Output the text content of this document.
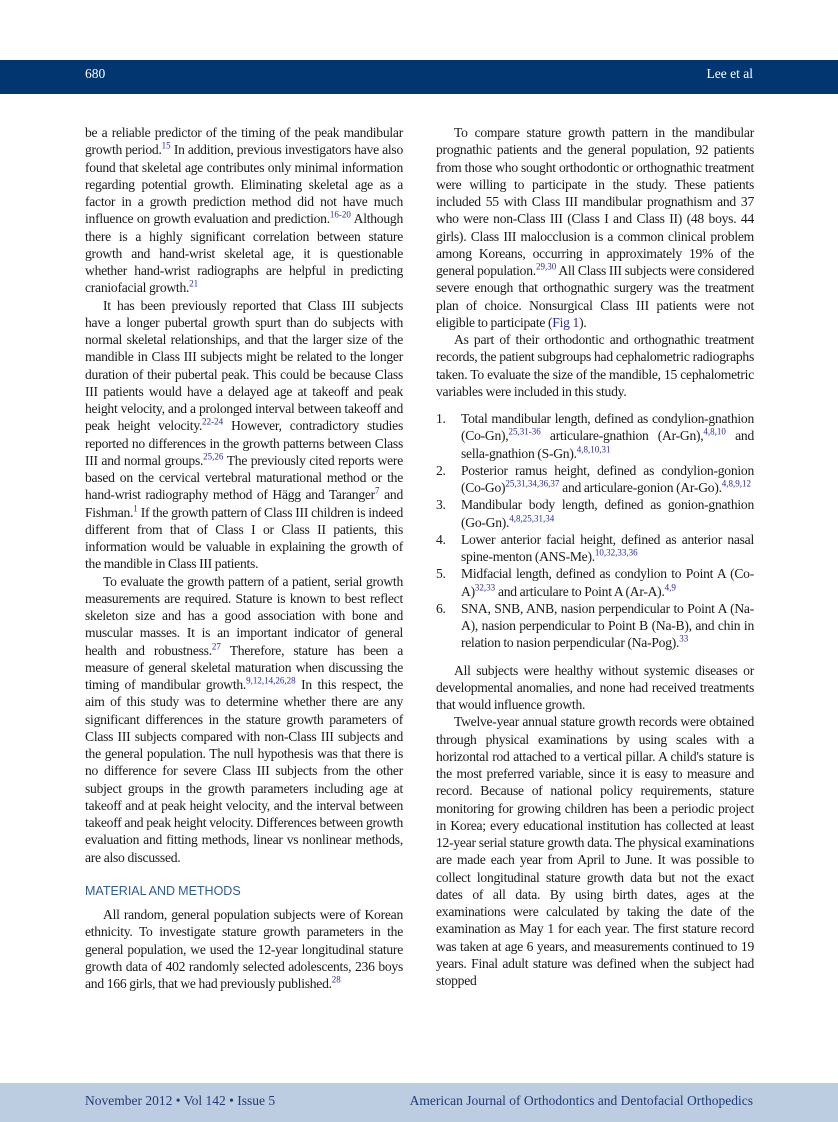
680	Lee et al

be a reliable predictor of the timing of the peak mandibular growth period.$^{15}$ In addition, previous investigators have also found that skeletal age contributes only minimal information regarding potential growth. Eliminating skeletal age as a factor in a growth prediction method did not have much influence on growth evaluation and prediction.$^{16-20}$ Although there is a highly significant correlation between stature growth and hand-wrist skeletal age, it is questionable whether hand-wrist radiographs are helpful in predicting craniofacial growth.$^{21}$

It has been previously reported that Class III subjects have a longer pubertal growth spurt than do subjects with normal skeletal relationships, and that the larger size of the mandible in Class III subjects might be related to the longer duration of their pubertal peak. This could be because Class III patients would have a delayed age at takeoff and peak height velocity, and a prolonged interval between takeoff and peak height velocity.$^{22-24}$ However, contradictory studies reported no differences in the growth patterns between Class III and normal groups.$^{25,26}$ The previously cited reports were based on the cervical vertebral maturational method or the hand-wrist radiography method of Hägg and Taranger$^7$ and Fishman.$^1$ If the growth pattern of Class III children is indeed different from that of Class I or Class II patients, this information would be valuable in explaining the growth of the mandible in Class III patients.

To evaluate the growth pattern of a patient, serial growth measurements are required. Stature is known to best reflect skeleton size and has a good association with bone and muscular masses. It is an important indicator of general health and robustness.$^{27}$ Therefore, stature has been a measure of general skeletal maturation when discussing the timing of mandibular growth.$^{9,12,14,26,28}$ In this respect, the aim of this study was to determine whether there are any significant differences in the stature growth parameters of Class III subjects compared with non-Class III subjects and the general population. The null hypothesis was that there is no difference for severe Class III subjects from the other subject groups in the growth parameters including age at takeoff and at peak height velocity, and the interval between takeoff and peak height velocity. Differences between growth evaluation and fitting methods, linear vs nonlinear methods, are also discussed.

MATERIAL AND METHODS

All random, general population subjects were of Korean ethnicity. To investigate stature growth parameters in the general population, we used the 12-year longitudinal stature growth data of 402 randomly selected adolescents, 236 boys and 166 girls, that we had previously published.$^{28}$

To compare stature growth pattern in the mandibular prognathic patients and the general population, 92 patients from those who sought orthodontic or orthognathic treatment were willing to participate in the study. These patients included 55 with Class III mandibular prognathism and 37 who were non-Class III (Class I and Class II) (48 boys. 44 girls). Class III malocclusion is a common clinical problem among Koreans, occurring in approximately 19% of the general population.$^{29,30}$ All Class III subjects were considered severe enough that orthognathic surgery was the treatment plan of choice. Nonsurgical Class III patients were not eligible to participate (Fig 1).

As part of their orthodontic and orthognathic treatment records, the patient subgroups had cephalometric radiographs taken. To evaluate the size of the mandible, 15 cephalometric variables were included in this study.

1. Total mandibular length, defined as condylion-gnathion (Co-Gn),$^{25,31-36}$ articulare-gnathion (Ar-Gn),$^{4,8,10}$ and sella-gnathion (S-Gn).$^{4,8,10,31}$
2. Posterior ramus height, defined as condylion-gonion $(Co-Go)^{25,31,34,36,37}$ and articulare-gonion (Ar-Go).$^{4,8,9,12}$
3. Mandibular body length, defined as gonion-gnathion (Go-Gn).$^{4,8,25,31,34}$
4. Lower anterior facial height, defined as anterior nasal spine-menton (ANS-Me).$^{10,32,33,36}$
5. Midfacial length, defined as condylion to Point A $(Co-A)^{32,33}$ and articulare to Point A (Ar-A).$^{4,9}$
6. SNA, SNB, ANB, nasion perpendicular to Point A (Na-A), nasion perpendicular to Point B (Na-B), and chin in relation to nasion perpendicular (Na-Pog).$^{33}$

All subjects were healthy without systemic diseases or developmental anomalies, and none had received treatments that would influence growth.

Twelve-year annual stature growth records were obtained through physical examinations by using scales with a horizontal rod attached to a vertical pillar. A child's stature is the most preferred variable, since it is easy to measure and record. Because of national policy requirements, stature monitoring for growing children has been a periodic project in Korea; every educational institution has collected at least 12-year serial stature growth data. The physical examinations are made each year from April to June. It was possible to collect longitudinal stature growth data but not the exact dates of all data. By using birth dates, ages at the examinations were calculated by taking the date of the examination as May 1 for each year. The first stature record was taken at age 6 years, and measurements continued to 19 years. Final adult stature was defined when the subject had stopped

November 2012 • Vol 142 • Issue 5	American Journal of Orthodontics and Dentofacial Orthopedics
